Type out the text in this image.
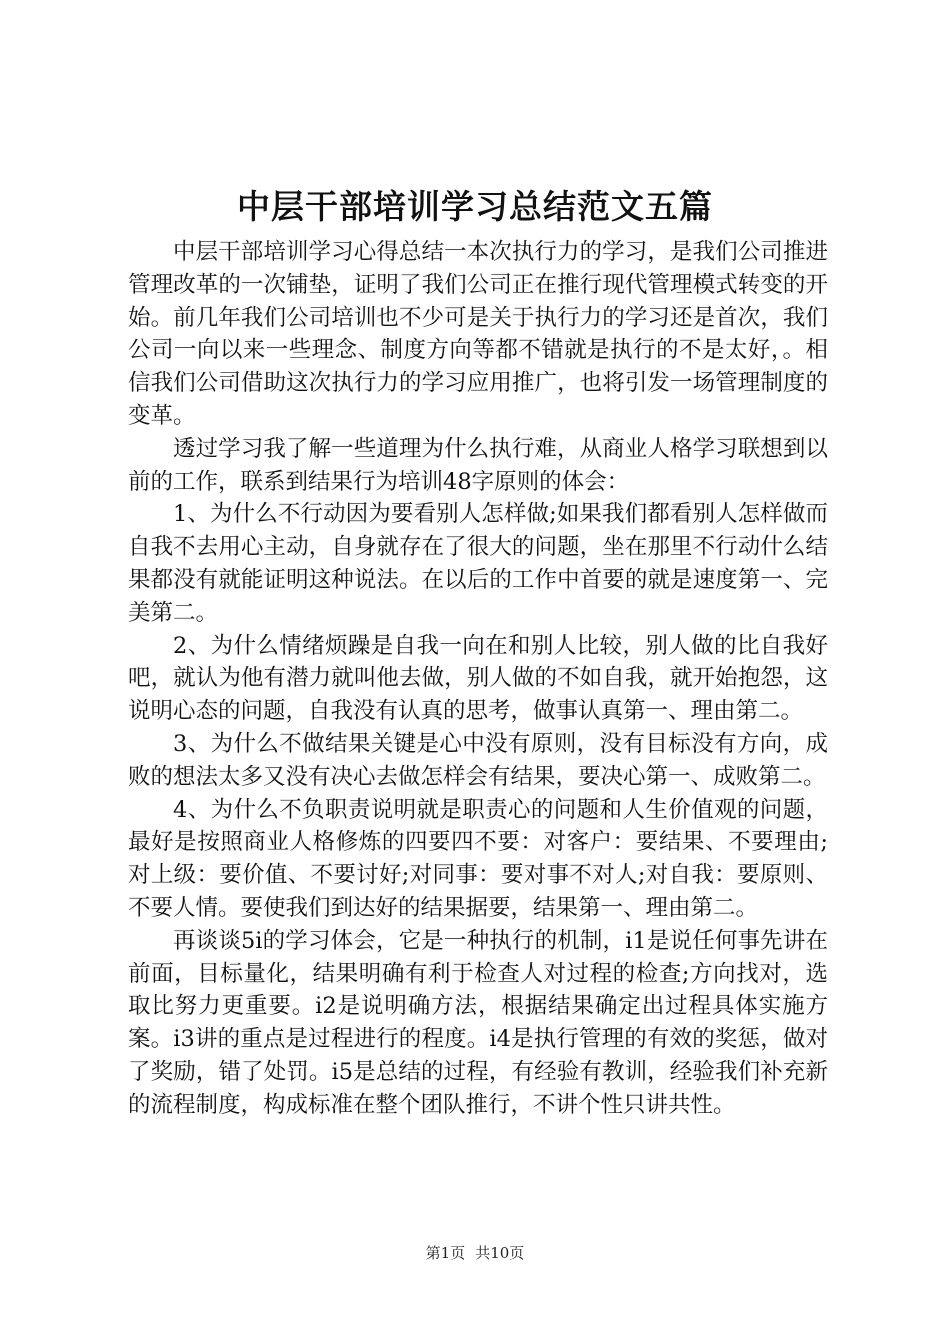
中层干部培训学习总结范文五篇

中层干部培训学习心得总结一本次执行力的学习，是我们公司推进管理改革的一次铺垫，证明了我们公司正在推行现代管理模式转变的开始。前几年我们公司培训也不少可是关于执行力的学习还是首次，我们公司一向以来一些理念、制度方向等都不错就是执行的不是太好，。相信我们公司借助这次执行力的学习应用推广，也将引发一场管理制度的变革。

透过学习我了解一些道理为什么执行难，从商业人格学习联想到以前的工作，联系到结果行为培训48字原则的体会：

1、为什么不行动因为要看别人怎样做;如果我们都看别人怎样做而自我不去用心主动，自身就存在了很大的问题，坐在那里不行动什么结果都没有就能证明这种说法。在以后的工作中首要的就是速度第一、完美第二。

2、为什么情绪烦躁是自我一向在和别人比较，别人做的比自我好吧，就认为他有潜力就叫他去做，别人做的不如自我，就开始抱怨，这说明心态的问题，自我没有认真的思考，做事认真第一、理由第二。

3、为什么不做结果关键是心中没有原则，没有目标没有方向，成败的想法太多又没有决心去做怎样会有结果，要决心第一、成败第二。

4、为什么不负职责说明就是职责心的问题和人生价值观的问题，最好是按照商业人格修炼的四要四不要：对客户：要结果、不要理由;对上级：要价值、不要讨好;对同事：要对事不对人;对自我：要原则、不要人情。要使我们到达好的结果据要，结果第一、理由第二。

再谈谈5i的学习体会，它是一种执行的机制，i1是说任何事先讲在前面，目标量化，结果明确有利于检查人对过程的检查;方向找对，选取比努力更重要。i2是说明确方法，根据结果确定出过程具体实施方案。i3讲的重点是过程进行的程度。i4是执行管理的有效的奖惩，做对了奖励，错了处罚。i5是总结的过程，有经验有教训，经验我们补充新的流程制度，构成标准在整个团队推行，不讲个性只讲共性。

第1页 共10页
